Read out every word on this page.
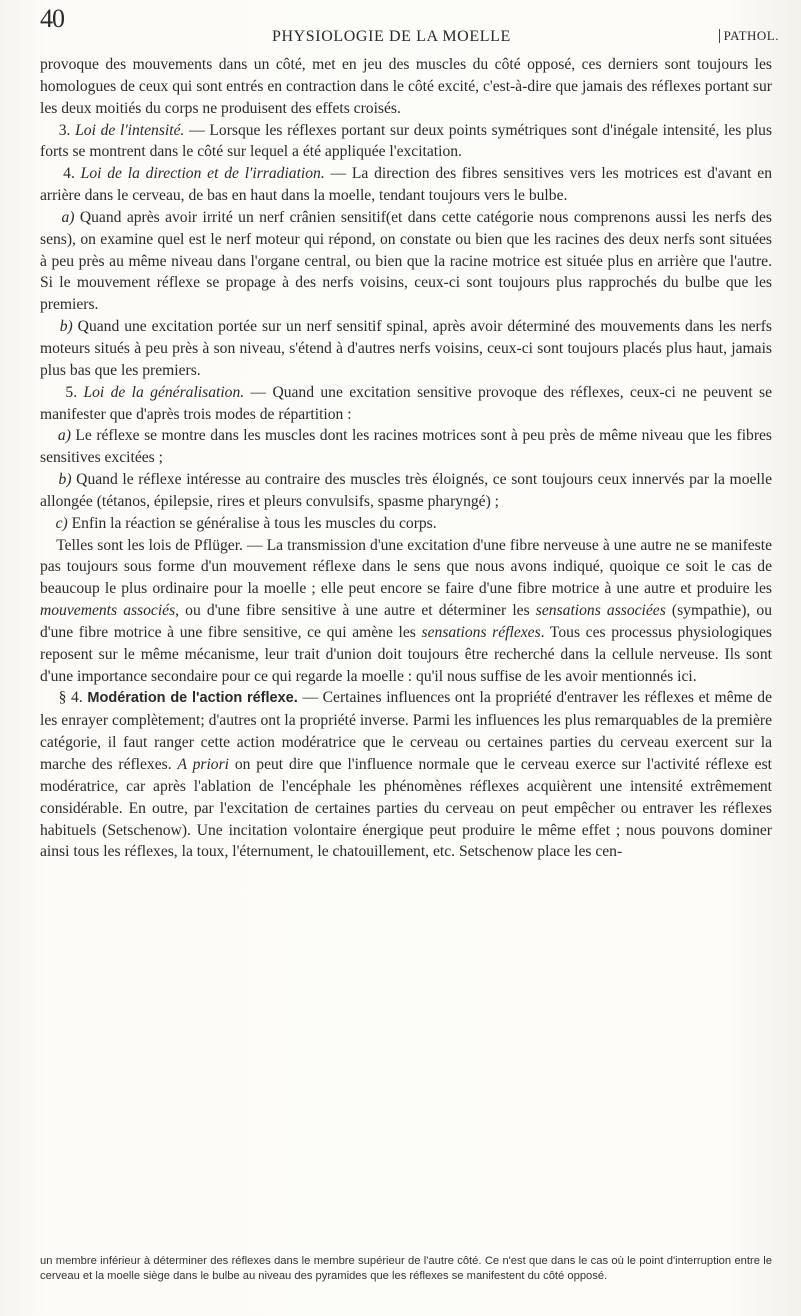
40
PHYSIOLOGIE DE LA MOELLE	PATHOL.

provoque des mouvements dans un côté, met en jeu des muscles du côté opposé, ces derniers sont toujours les homologues de ceux qui sont entrés en contraction dans le côté excité, c'est-à-dire que jamais des réflexes portant sur les deux moitiés du corps ne produisent des effets croisés.

3. Loi de l'intensité. — Lorsque les réflexes portant sur deux points symétriques sont d'inégale intensité, les plus forts se montrent dans le côté sur lequel a été appliquée l'excitation.

4. Loi de la direction et de l'irradiation. — La direction des fibres sensitives vers les motrices est d'avant en arrière dans le cerveau, de bas en haut dans la moelle, tendant toujours vers le bulbe.

a) Quand après avoir irrité un nerf crânien sensitif(et dans cette catégorie nous comprenons aussi les nerfs des sens), on examine quel est le nerf moteur qui répond, on constate ou bien que les racines des deux nerfs sont situées à peu près au même niveau dans l'organe central, ou bien que la racine motrice est située plus en arrière que l'autre. Si le mouvement réflexe se propage à des nerfs voisins, ceux-ci sont toujours plus rapprochés du bulbe que les premiers.

b) Quand une excitation portée sur un nerf sensitif spinal, après avoir déterminé des mouvements dans les nerfs moteurs situés à peu près à son niveau, s'étend à d'autres nerfs voisins, ceux-ci sont toujours placés plus haut, jamais plus bas que les premiers.

5. Loi de la généralisation. — Quand une excitation sensitive provoque des réflexes, ceux-ci ne peuvent se manifester que d'après trois modes de répartition :

a) Le réflexe se montre dans les muscles dont les racines motrices sont à peu près de même niveau que les fibres sensitives excitées ;

b) Quand le réflexe intéresse au contraire des muscles très éloignés, ce sont toujours ceux innervés par la moelle allongée (tétanos, épilepsie, rires et pleurs convulsifs, spasme pharyngé) ;

c) Enfin la réaction se généralise à tous les muscles du corps.

Telles sont les lois de Pflüger. — La transmission d'une excitation d'une fibre nerveuse à une autre ne se manifeste pas toujours sous forme d'un mouvement réflexe dans le sens que nous avons indiqué, quoique ce soit le cas de beaucoup le plus ordinaire pour la moelle ; elle peut encore se faire d'une fibre motrice à une autre et produire les mouvements associés, ou d'une fibre sensitive à une autre et déterminer les sensations associées (sympathie), ou d'une fibre motrice à une fibre sensitive, ce qui amène les sensations réflexes. Tous ces processus physiologiques reposent sur le même mécanisme, leur trait d'union doit toujours être recherché dans la cellule nerveuse. Ils sont d'une importance secondaire pour ce qui regarde la moelle : qu'il nous suffise de les avoir mentionnés ici.

§ 4. Modération de l'action réflexe. — Certaines influences ont la propriété d'entraver les réflexes et même de les enrayer complètement; d'autres ont la propriété inverse. Parmi les influences les plus remarquables de la première catégorie, il faut ranger cette action modératrice que le cerveau ou certaines parties du cerveau exercent sur la marche des réflexes. A priori on peut dire que l'influence normale que le cerveau exerce sur l'activité réflexe est modératrice, car après l'ablation de l'encéphale les phénomènes réflexes acquièrent une intensité extrêmement considérable. En outre, par l'excitation de certaines parties du cerveau on peut empêcher ou entraver les réflexes habituels (Setschenow). Une incitation volontaire énergique peut produire le même effet ; nous pouvons dominer ainsi tous les réflexes, la toux, l'éternument, le chatouillement, etc. Setschenow place les cen-

un membre inférieur à déterminer des réflexes dans le membre supérieur de l'autre côté. Ce n'est que dans le cas où le point d'interruption entre le cerveau et la moelle siège dans le bulbe au niveau des pyramides que les réflexes se manifestent du côté opposé.
